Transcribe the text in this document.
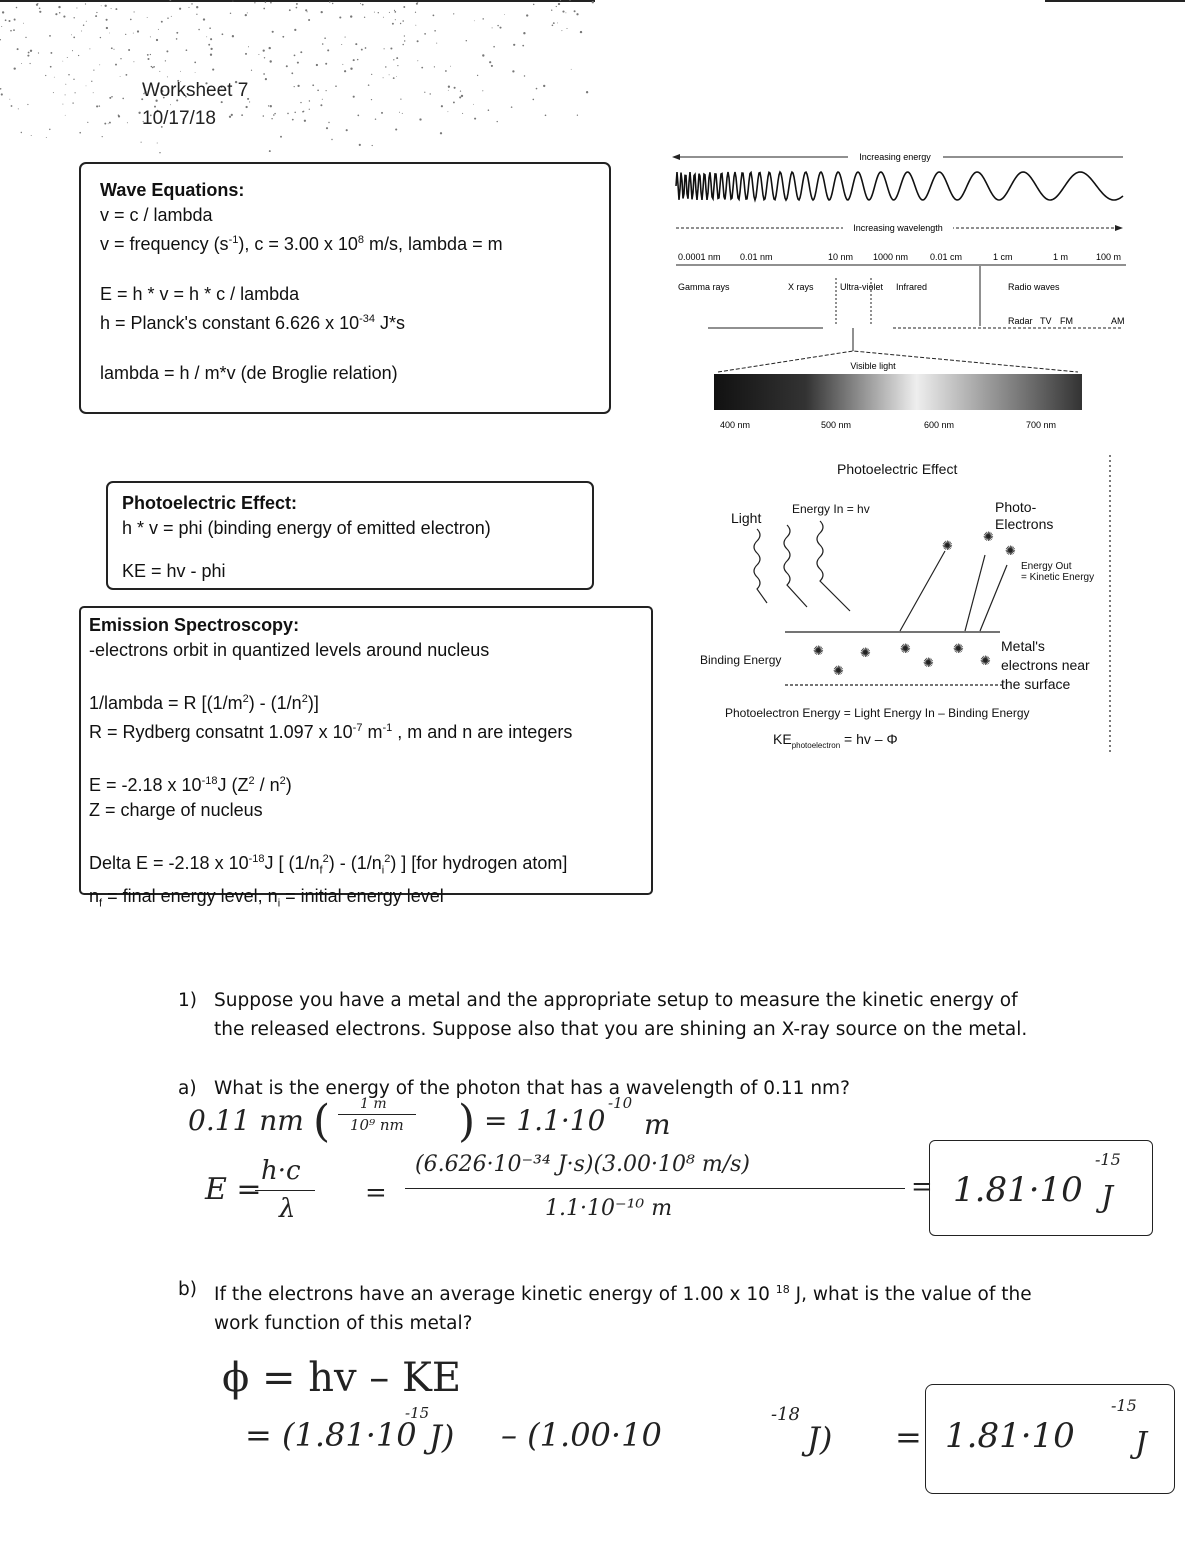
Worksheet 7
10/17/18
Wave Equations:
v = c / lambda
v = frequency $(s^{-1})$, c = 3.00 x $10^8$ m/s, lambda = m
E = h * v = h * c / lambda
h = Planck's constant 6.626 x $10^{-34}$ J*s
lambda = h / m*v (de Broglie relation)
Photoelectric Effect:
h * v = phi (binding energy of emitted electron)
KE = hv - phi
Emission Spectroscopy:
-electrons orbit in quantized levels around nucleus
1/lambda = R $[(1/m^2) - (1/n^2)]$
R = Rydberg consatnt 1.097 x $10^{-7}$ $m^{-1}$ , m and n are integers
E = -2.18 x $10^{-18}J$ $(Z^2 / n^2)$
Z = charge of nucleus
Delta E = -2.18 x $10^{-18}J$ [ $(1/n_f^2) - (1/n_i^2)$ ] [for hydrogen atom]
$n_f$ = final energy level, $n_i$ = initial energy level
Increasing energy
Increasing wavelength
0.0001 nm 0.01 nm	10 nm 1000 nm 0.01 cm	1 cm	1 m	100 m
Gamma rays	X rays	Ultra-violet Infrared	Radio waves
Radar TV FM	AM
Visible light
400 nm	500 nm	600 nm	700 nm
Photoelectric Effect
Light
Energy In = hv	Photo-
Electrons
Energy Out
= Kinetic Energy
Binding Energy
Metal's
electrons near
the surface
Photoelectron Energy = Light Energy In – Binding Energy
$KE_{photoelectron}$ = hv – Φ
✺
✺
✺
✺
✺
✺ ✺
✺
✺
✺
1) Suppose you have a metal and the appropriate setup to measure the kinetic energy of
the released electrons. Suppose also that you are shining an X-ray source on the metal.
a) What is the energy of the photon that has a wavelength of 0.11 nm?
b) If the electrons have an average kinetic energy of 1.00 x 10 $^{18}$ J, what is the value of the
work function of this metal?
0.11 nm ( 1 m
10⁹ nm ) = 1.1·10
-10
m
E =
h·c
λ
=
(6.626·10⁻³⁴ J·s)(3.00·10⁸ m/s)
1.1·10⁻¹⁰ m
= 1.81·10
-15
J
ϕ = hv – KE
= (1.81·10
-15
J) – (1.00·10
-18
J) = 1.81·10
-15
J
